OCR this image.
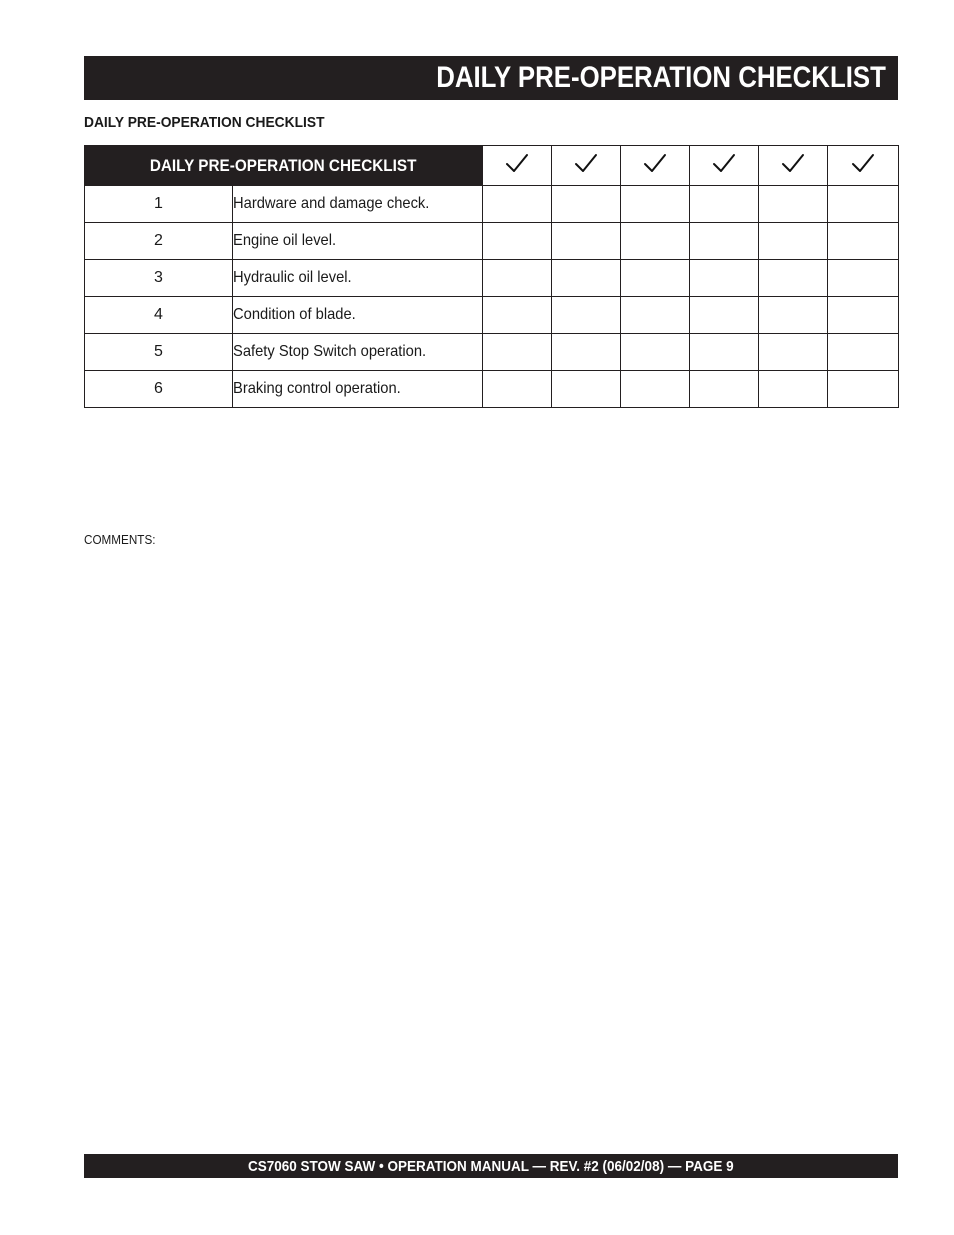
DAILY PRE-OPERATION CHECKLIST
DAILY PRE-OPERATION CHECKLIST
DAILY PRE-OPERATION CHECKLIST						
1	Hardware and damage check.						
2	Engine oil level.						
3	Hydraulic oil level.						
4	Condition of blade.						
5	Safety Stop Switch operation.						
6	Braking control operation.						
COMMENTS:
CS7060 STOW SAW • OPERATION MANUAL — REV. #2 (06/02/08) — PAGE 9
